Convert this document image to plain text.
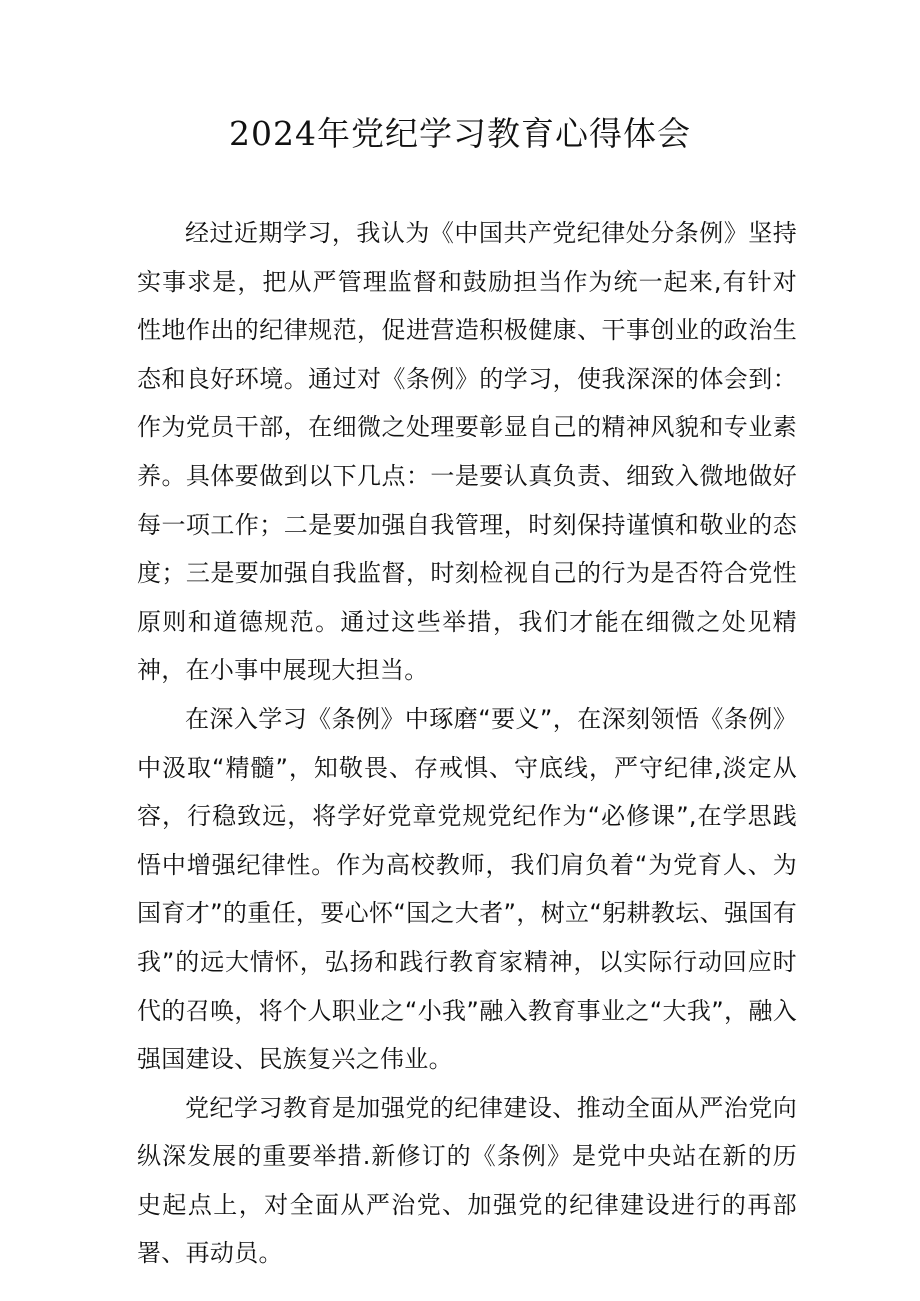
2024年党纪学习教育心得体会

经过近期学习，我认为《中国共产党纪律处分条例》坚持实事求是，把从严管理监督和鼓励担当作为统一起来,有针对性地作出的纪律规范，促进营造积极健康、干事创业的政治生态和良好环境。通过对《条例》的学习，使我深深的体会到：作为党员干部，在细微之处理要彰显自己的精神风貌和专业素养。具体要做到以下几点：一是要认真负责、细致入微地做好每一项工作；二是要加强自我管理，时刻保持谨慎和敬业的态度；三是要加强自我监督，时刻检视自己的行为是否符合党性原则和道德规范。通过这些举措，我们才能在细微之处见精神，在小事中展现大担当。

在深入学习《条例》中琢磨“要义”，在深刻领悟《条例》中汲取“精髓”，知敬畏、存戒惧、守底线，严守纪律,淡定从容，行稳致远，将学好党章党规党纪作为“必修课”,在学思践悟中增强纪律性。作为高校教师，我们肩负着“为党育人、为国育才”的重任，要心怀“国之大者”，树立“躬耕教坛、强国有我”的远大情怀，弘扬和践行教育家精神，以实际行动回应时代的召唤，将个人职业之“小我”融入教育事业之“大我”，融入强国建设、民族复兴之伟业。

党纪学习教育是加强党的纪律建设、推动全面从严治党向纵深发展的重要举措.新修订的《条例》是党中央站在新的历史起点上，对全面从严治党、加强党的纪律建设进行的再部署、再动员。
